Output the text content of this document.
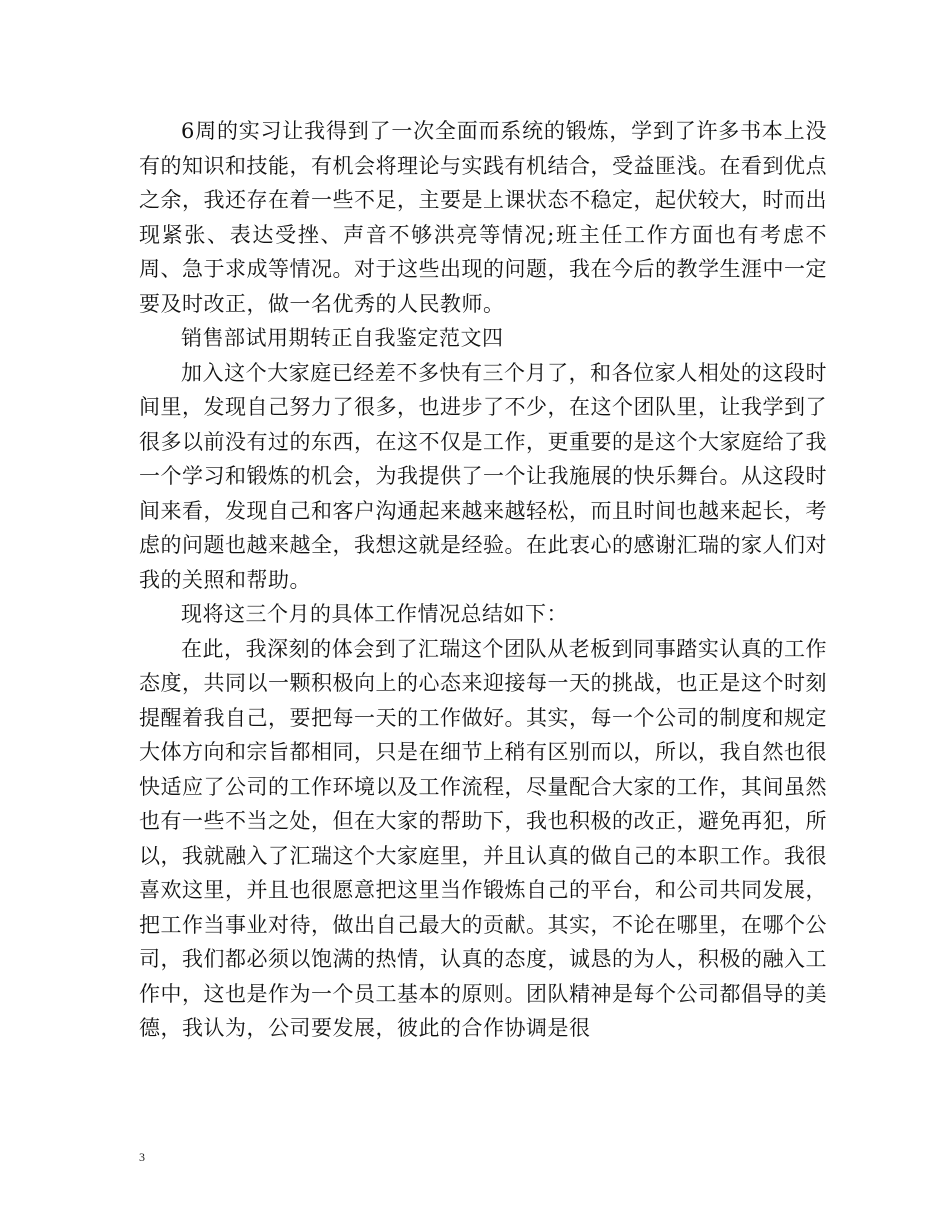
6周的实习让我得到了一次全面而系统的锻炼，学到了许多书本上没有的知识和技能，有机会将理论与实践有机结合，受益匪浅。在看到优点之余，我还存在着一些不足，主要是上课状态不稳定，起伏较大，时而出现紧张、表达受挫、声音不够洪亮等情况;班主任工作方面也有考虑不周、急于求成等情况。对于这些出现的问题，我在今后的教学生涯中一定要及时改正，做一名优秀的人民教师。

销售部试用期转正自我鉴定范文四

加入这个大家庭已经差不多快有三个月了，和各位家人相处的这段时间里，发现自己努力了很多，也进步了不少，在这个团队里，让我学到了很多以前没有过的东西，在这不仅是工作，更重要的是这个大家庭给了我一个学习和锻炼的机会，为我提供了一个让我施展的快乐舞台。从这段时间来看，发现自己和客户沟通起来越来越轻松，而且时间也越来起长，考虑的问题也越来越全，我想这就是经验。在此衷心的感谢汇瑞的家人们对我的关照和帮助。

现将这三个月的具体工作情况总结如下：

在此，我深刻的体会到了汇瑞这个团队从老板到同事踏实认真的工作态度，共同以一颗积极向上的心态来迎接每一天的挑战，也正是这个时刻提醒着我自己，要把每一天的工作做好。其实，每一个公司的制度和规定大体方向和宗旨都相同，只是在细节上稍有区别而以，所以，我自然也很快适应了公司的工作环境以及工作流程，尽量配合大家的工作，其间虽然也有一些不当之处，但在大家的帮助下，我也积极的改正，避免再犯，所以，我就融入了汇瑞这个大家庭里，并且认真的做自己的本职工作。我很喜欢这里，并且也很愿意把这里当作锻炼自己的平台，和公司共同发展，把工作当事业对待，做出自己最大的贡献。其实，不论在哪里，在哪个公司，我们都必须以饱满的热情，认真的态度，诚恳的为人，积极的融入工作中，这也是作为一个员工基本的原则。团队精神是每个公司都倡导的美德，我认为，公司要发展，彼此的合作协调是很

3
